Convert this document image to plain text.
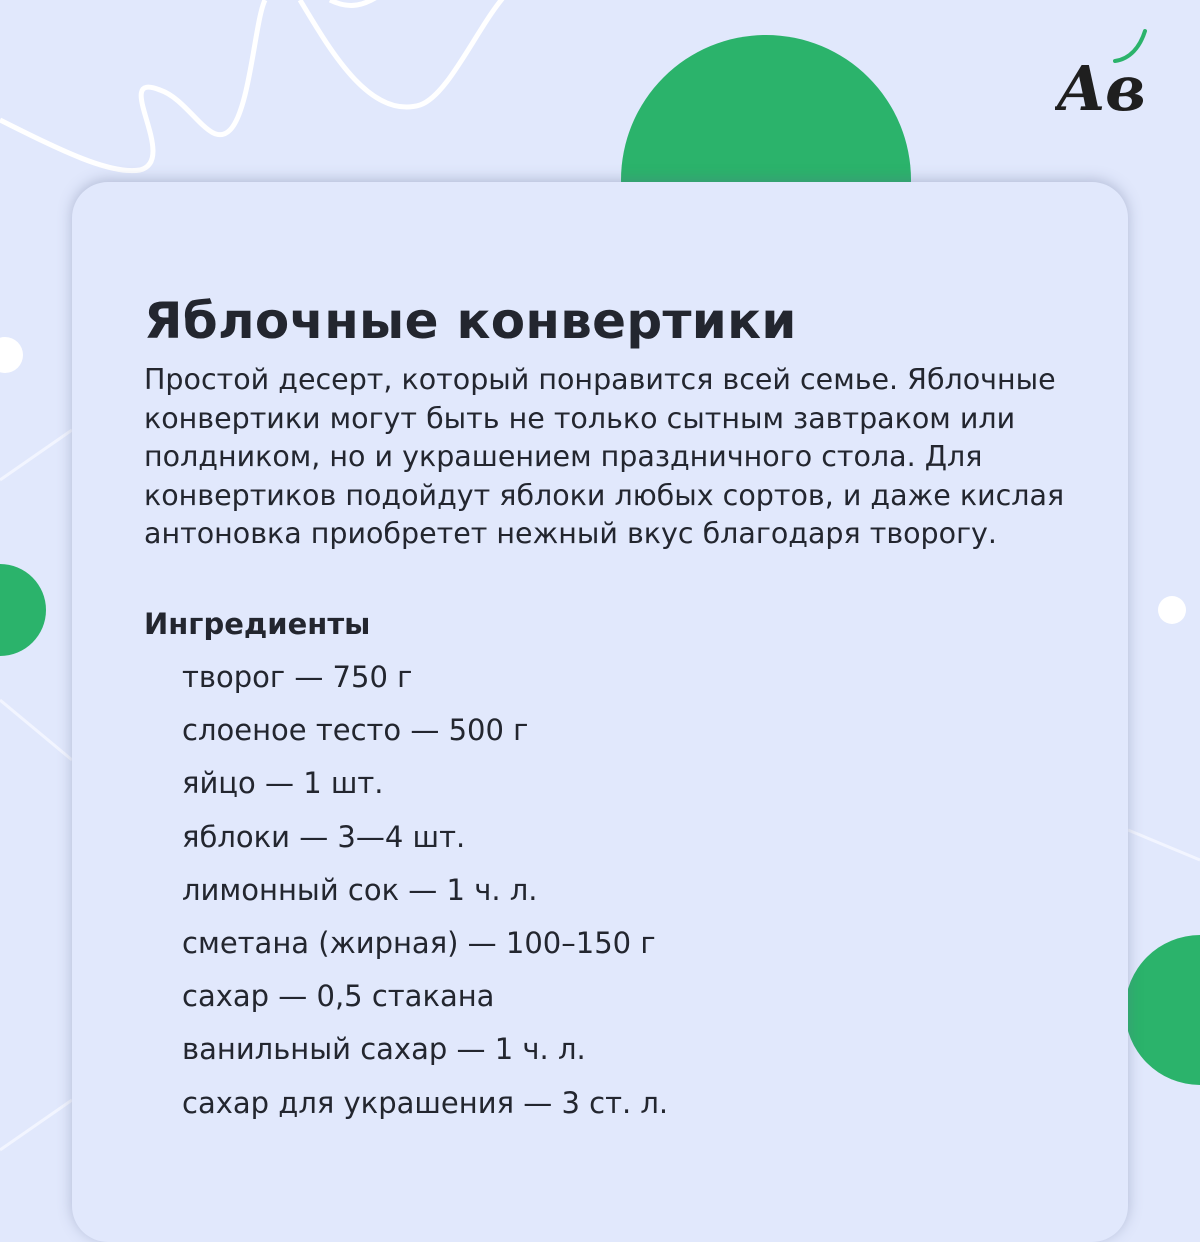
Aв
Яблочные конвертики

Простой десерт, который понравится всей семье. Яблочные конвертики могут быть не только сытным завтраком или полдником, но и украшением праздничного стола. Для конвертиков подойдут яблоки любых сортов, и даже кислая антоновка приобретет нежный вкус благодаря творогу.

Ингредиенты
творог — 750 г
слоеное тесто — 500 г
яйцо — 1 шт.
яблоки — 3—4 шт.
лимонный сок — 1 ч. л.
сметана (жирная) — 100–150 г
сахар — 0,5 стакана
ванильный сахар — 1 ч. л.
сахар для украшения — 3 ст. л.
